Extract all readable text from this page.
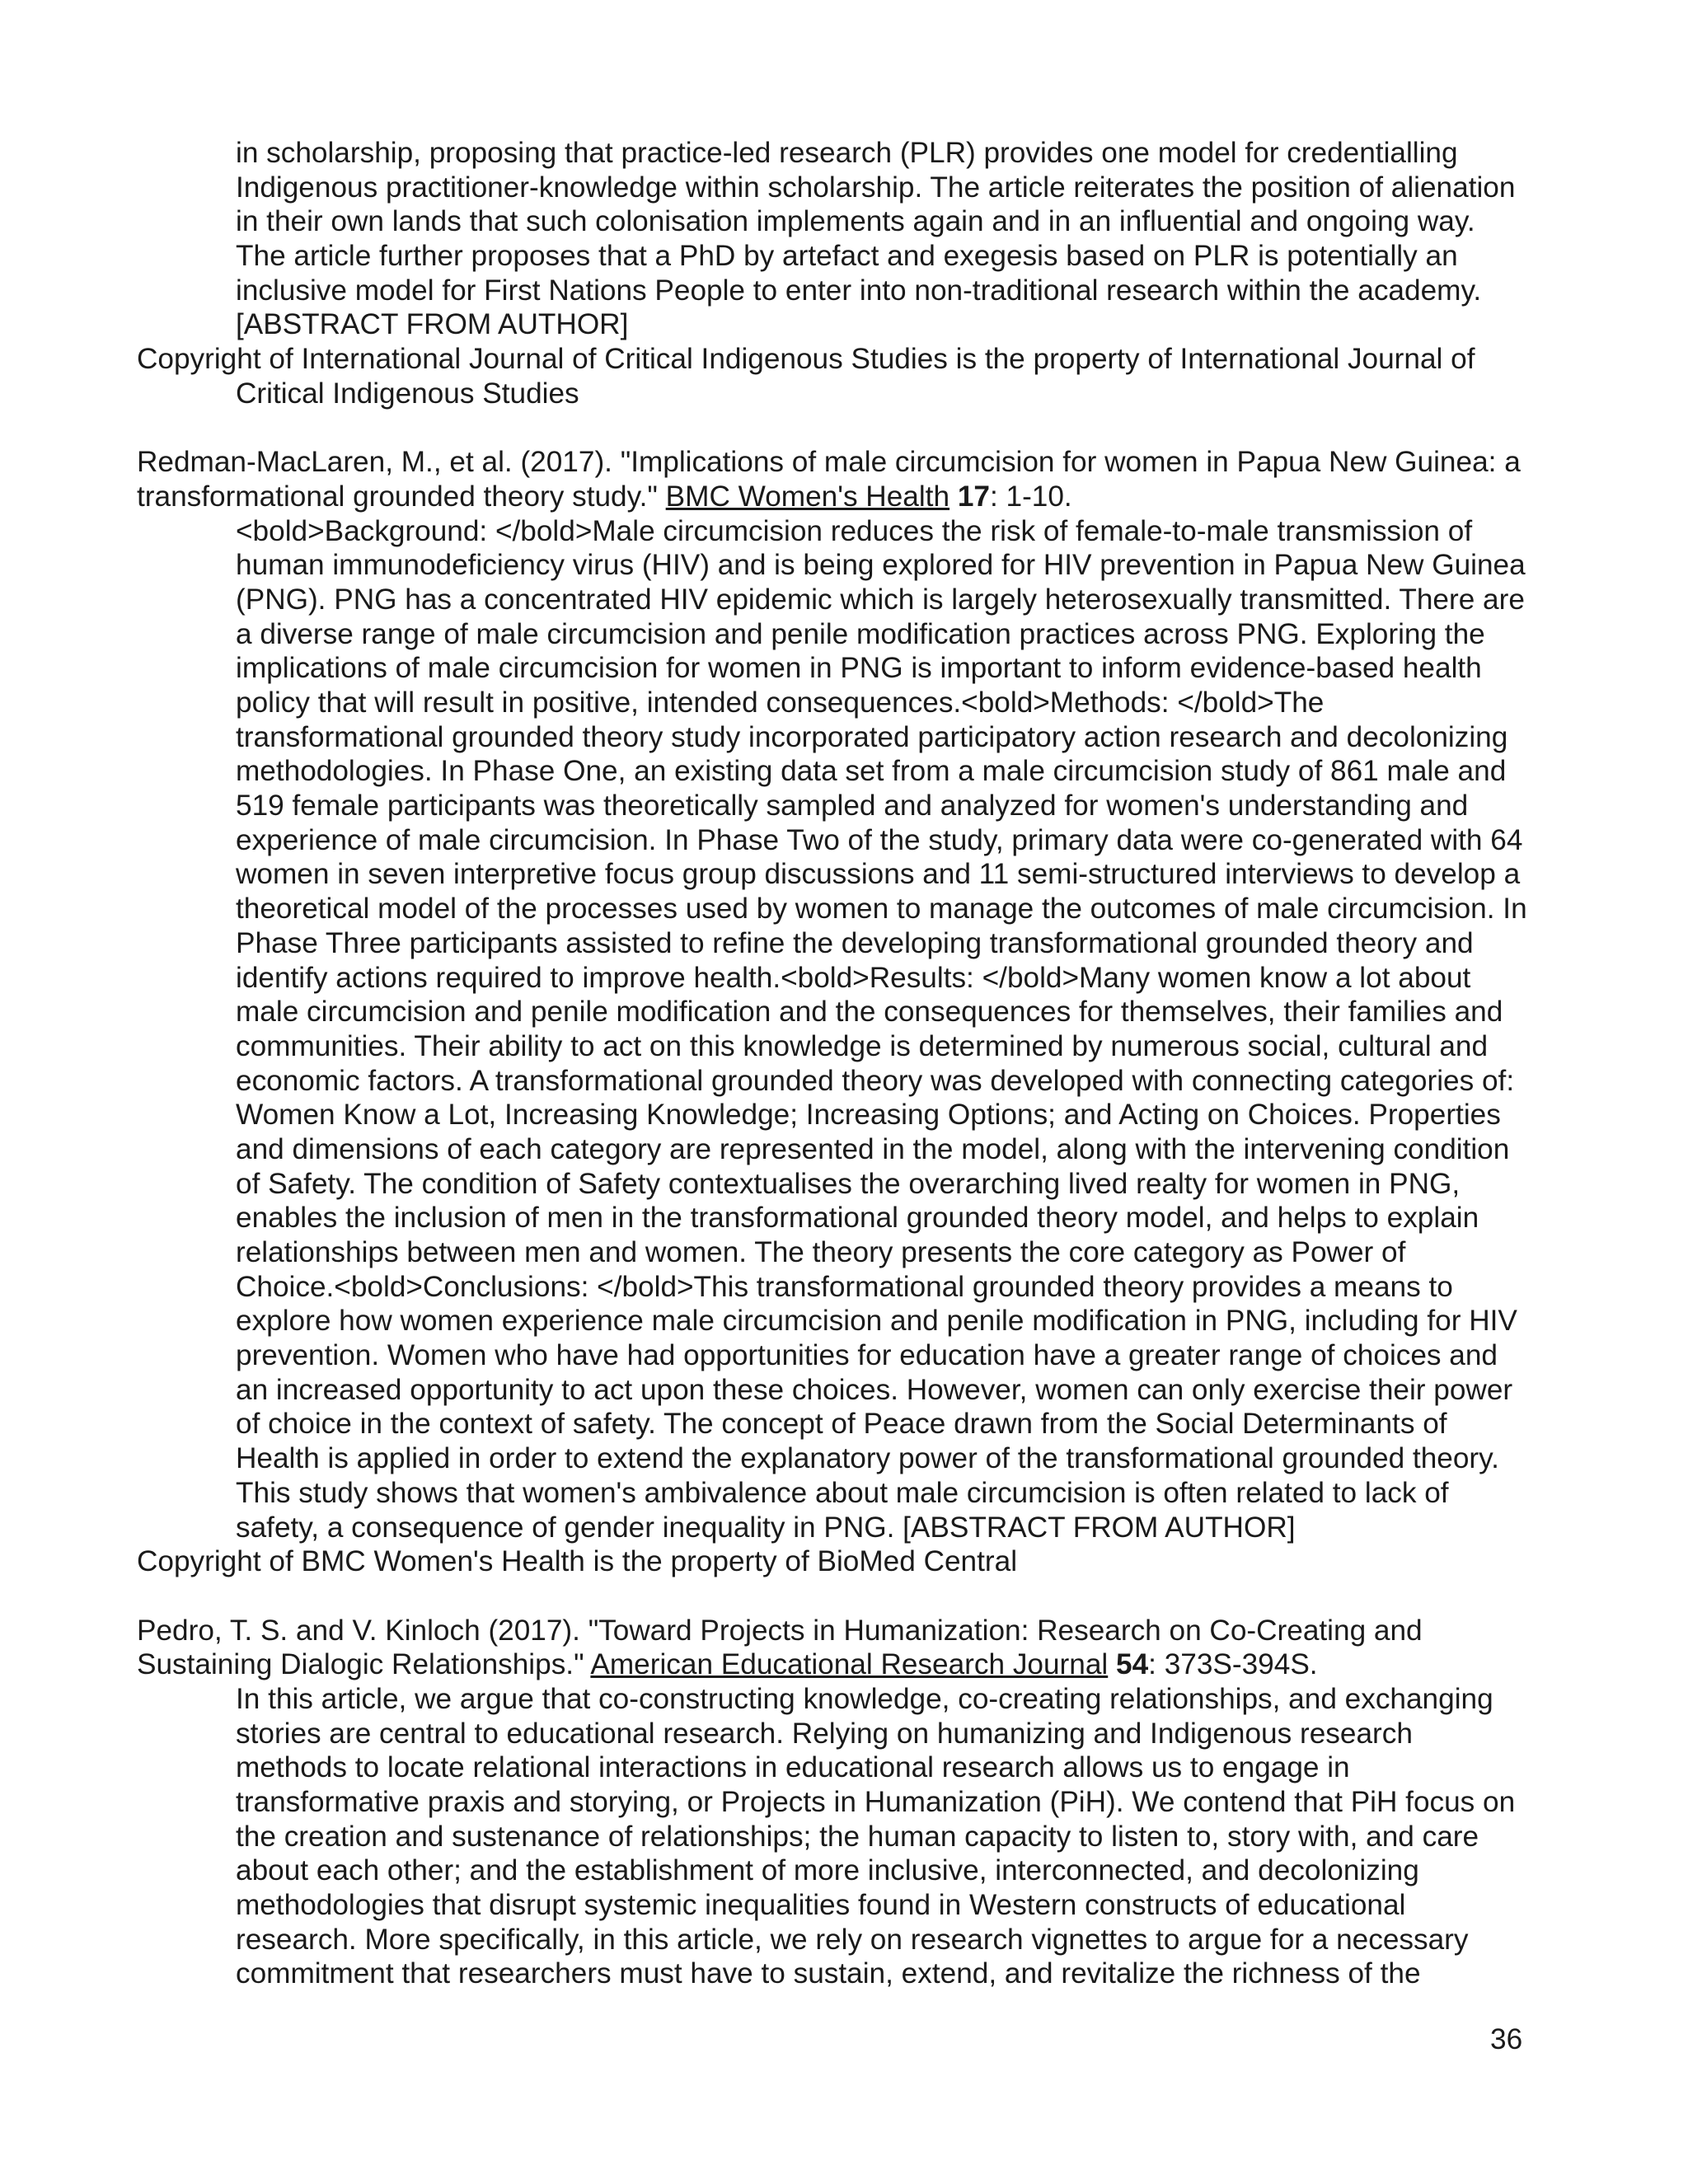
in scholarship, proposing that practice-led research (PLR) provides one model for credentialling
Indigenous practitioner-knowledge within scholarship. The article reiterates the position of alienation
in their own lands that such colonisation implements again and in an influential and ongoing way.
The article further proposes that a PhD by artefact and exegesis based on PLR is potentially an
inclusive model for First Nations People to enter into non-traditional research within the academy.
[ABSTRACT FROM AUTHOR]
Copyright of International Journal of Critical Indigenous Studies is the property of International Journal of
Critical Indigenous Studies
Redman-MacLaren, M., et al. (2017). "Implications of male circumcision for women in Papua New Guinea: a
transformational grounded theory study." BMC Women's Health 17: 1-10.
<bold>Background: </bold>Male circumcision reduces the risk of female-to-male transmission of
human immunodeficiency virus (HIV) and is being explored for HIV prevention in Papua New Guinea
(PNG). PNG has a concentrated HIV epidemic which is largely heterosexually transmitted. There are
a diverse range of male circumcision and penile modification practices across PNG. Exploring the
implications of male circumcision for women in PNG is important to inform evidence-based health
policy that will result in positive, intended consequences.<bold>Methods: </bold>The
transformational grounded theory study incorporated participatory action research and decolonizing
methodologies. In Phase One, an existing data set from a male circumcision study of 861 male and
519 female participants was theoretically sampled and analyzed for women's understanding and
experience of male circumcision. In Phase Two of the study, primary data were co-generated with 64
women in seven interpretive focus group discussions and 11 semi-structured interviews to develop a
theoretical model of the processes used by women to manage the outcomes of male circumcision. In
Phase Three participants assisted to refine the developing transformational grounded theory and
identify actions required to improve health.<bold>Results: </bold>Many women know a lot about
male circumcision and penile modification and the consequences for themselves, their families and
communities. Their ability to act on this knowledge is determined by numerous social, cultural and
economic factors. A transformational grounded theory was developed with connecting categories of:
Women Know a Lot, Increasing Knowledge; Increasing Options; and Acting on Choices. Properties
and dimensions of each category are represented in the model, along with the intervening condition
of Safety. The condition of Safety contextualises the overarching lived realty for women in PNG,
enables the inclusion of men in the transformational grounded theory model, and helps to explain
relationships between men and women. The theory presents the core category as Power of
Choice.<bold>Conclusions: </bold>This transformational grounded theory provides a means to
explore how women experience male circumcision and penile modification in PNG, including for HIV
prevention. Women who have had opportunities for education have a greater range of choices and
an increased opportunity to act upon these choices. However, women can only exercise their power
of choice in the context of safety. The concept of Peace drawn from the Social Determinants of
Health is applied in order to extend the explanatory power of the transformational grounded theory.
This study shows that women's ambivalence about male circumcision is often related to lack of
safety, a consequence of gender inequality in PNG. [ABSTRACT FROM AUTHOR]
Copyright of BMC Women's Health is the property of BioMed Central
Pedro, T. S. and V. Kinloch (2017). "Toward Projects in Humanization: Research on Co-Creating and
Sustaining Dialogic Relationships." American Educational Research Journal 54: 373S-394S.
In this article, we argue that co-constructing knowledge, co-creating relationships, and exchanging
stories are central to educational research. Relying on humanizing and Indigenous research
methods to locate relational interactions in educational research allows us to engage in
transformative praxis and storying, or Projects in Humanization (PiH). We contend that PiH focus on
the creation and sustenance of relationships; the human capacity to listen to, story with, and care
about each other; and the establishment of more inclusive, interconnected, and decolonizing
methodologies that disrupt systemic inequalities found in Western constructs of educational
research. More specifically, in this article, we rely on research vignettes to argue for a necessary
commitment that researchers must have to sustain, extend, and revitalize the richness of the
36
